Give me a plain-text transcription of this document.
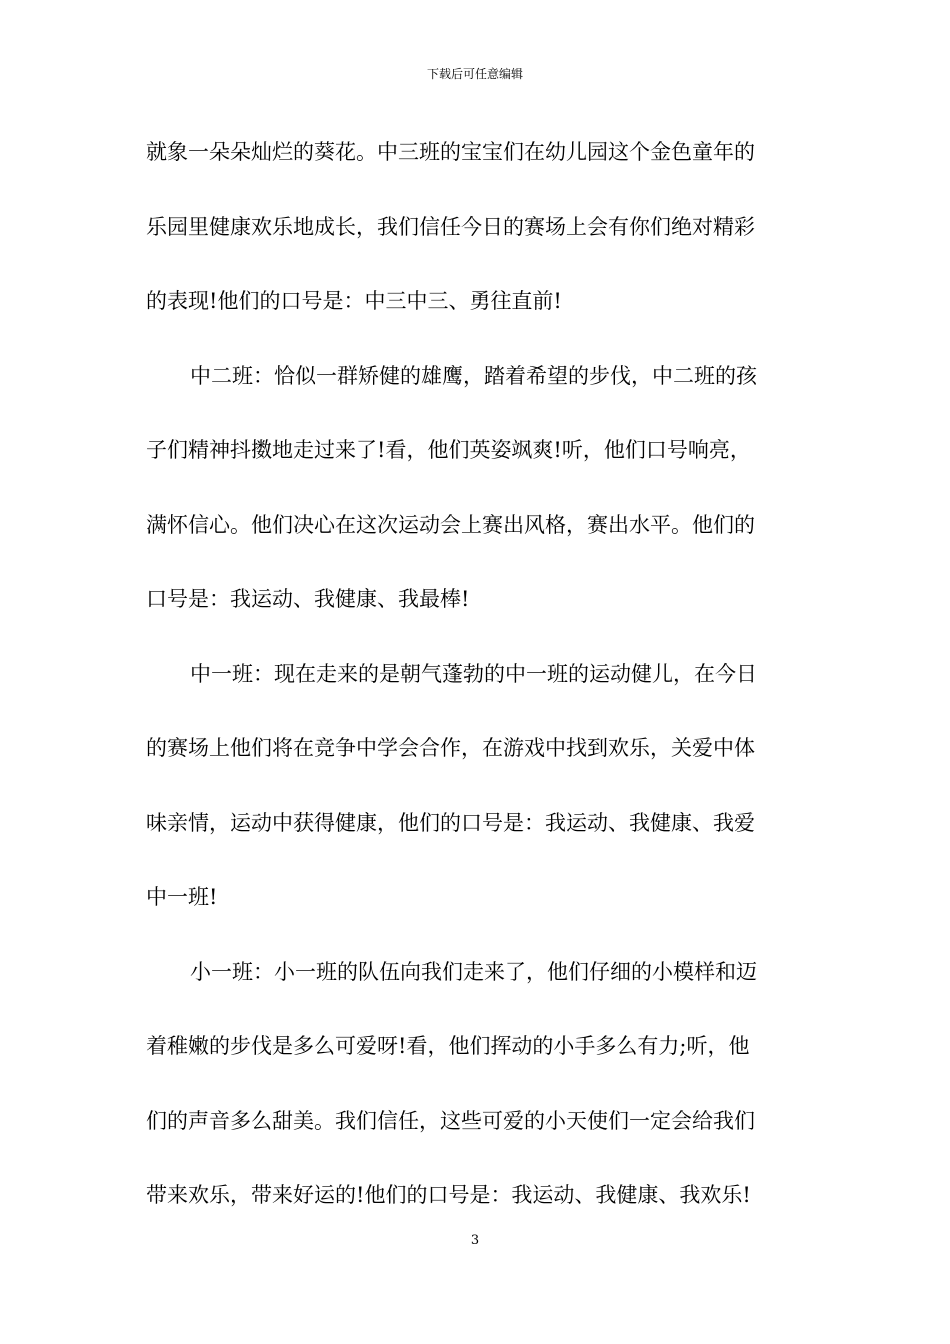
下载后可任意编辑
就象一朵朵灿烂的葵花。中三班的宝宝们在幼儿园这个金色童年的
乐园里健康欢乐地成长，我们信任今日的赛场上会有你们绝对精彩
的表现!他们的口号是：中三中三、勇往直前!
中二班：恰似一群矫健的雄鹰，踏着希望的步伐，中二班的孩
子们精神抖擞地走过来了!看，他们英姿飒爽!听，他们口号响亮，
满怀信心。他们决心在这次运动会上赛出风格，赛出水平。他们的
口号是：我运动、我健康、我最棒!
中一班：现在走来的是朝气蓬勃的中一班的运动健儿，在今日
的赛场上他们将在竞争中学会合作，在游戏中找到欢乐，关爱中体
味亲情，运动中获得健康，他们的口号是：我运动、我健康、我爱
中一班!
小一班：小一班的队伍向我们走来了，他们仔细的小模样和迈
着稚嫩的步伐是多么可爱呀!看，他们挥动的小手多么有力;听，他
们的声音多么甜美。我们信任，这些可爱的小天使们一定会给我们
带来欢乐，带来好运的!他们的口号是：我运动、我健康、我欢乐!
3
